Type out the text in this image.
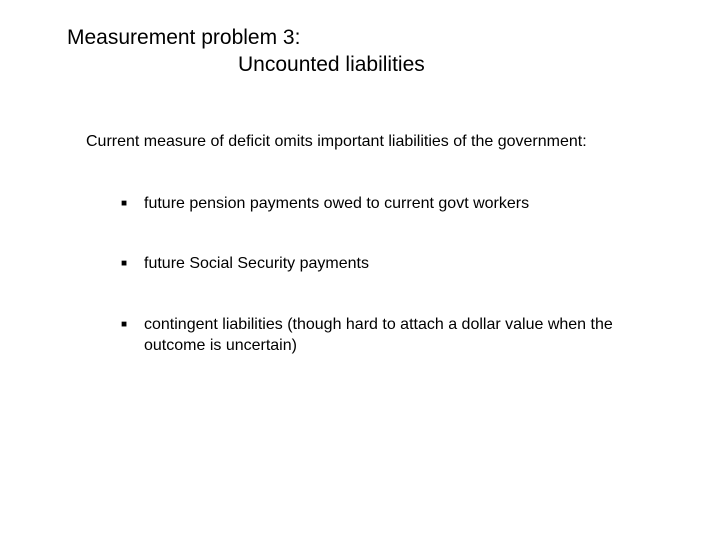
Measurement problem 3:
Uncounted liabilities

Current measure of deficit omits important liabilities of the government:

■	future pension payments owed to current govt workers
■	future Social Security payments
■	contingent liabilities (though hard to attach a dollar value when the outcome is uncertain)
